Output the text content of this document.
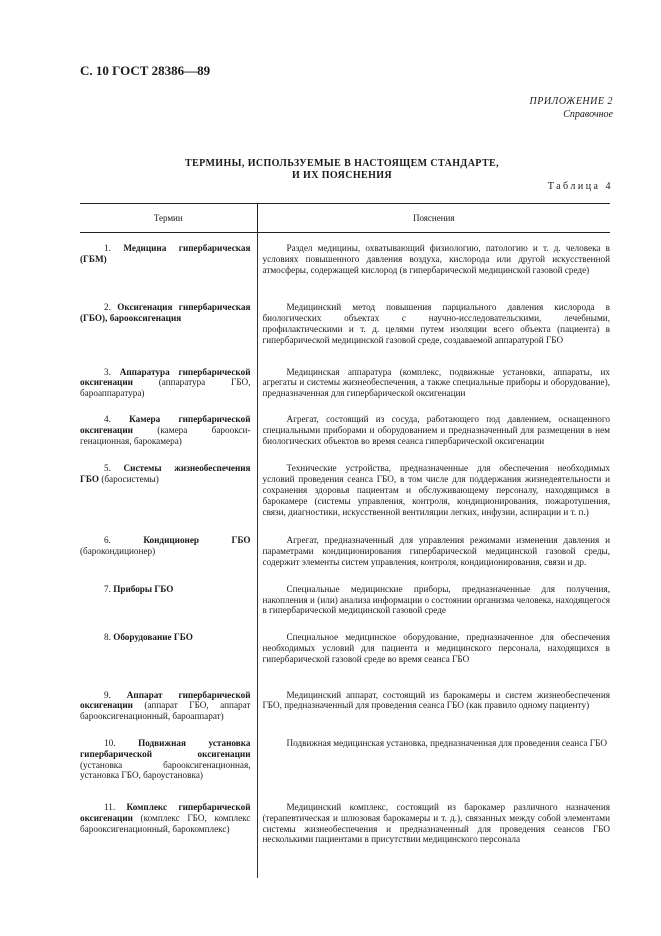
С. 10 ГОСТ 28386—89
ПРИЛОЖЕНИЕ 2
Справочное
ТЕРМИНЫ, ИСПОЛЬЗУЕМЫЕ В НАСТОЯЩЕМ СТАНДАРТЕ,
И ИХ ПОЯСНЕНИЯ
Таблица 4
Термин	Пояснения

1. Медицина гипербарическая (ГБМ)	Раздел медицины, охватывающий физиологию, патологию и т. д. человека в условиях повышенного давления воздуха, кислорода или другой искусственной атмосферы, содержащей кислород (в гипербарической медицинской газовой среде)

2. Оксигенация гипербарическая (ГБО), барооксигенация	Медицинский метод повышения парциального давления кислорода в биологических объектах с научно-исследовательскими, лечебными, профилактическими и т. д. целями путем изоляции всего объекта (пациента) в гипербарической медицинской газовой среде, создаваемой аппаратурой ГБО

3. Аппаратура гипербарической оксигенации (аппаратура ГБО, бароаппаратура)	Медицинская аппаратура (комплекс, подвижные установки, аппараты, их агрегаты и системы жизнеобеспечения, а также специальные приборы и оборудование), предназначенная для гипербарической оксигенации

4. Камера гипербарической оксигенации (камера барооксигенационная, барокамера)	Агрегат, состоящий из сосуда, работающего под давлением, оснащенного специальными приборами и оборудованием и предназначенный для размещения в нем биологических объектов во время сеанса гипербарической оксигенации

5. Системы жизнеобеспечения ГБО (баросистемы)	Технические устройства, предназначенные для обеспечения необходимых условий проведения сеанса ГБО, в том числе для поддержания жизнедеятельности и сохранения здоровья пациентам и обслуживающему персоналу, находящимся в барокамере (системы управления, контроля, кондиционирования, пожаротушения, связи, диагностики, искусственной вентиляции легких, инфузии, аспирации и т. п.)

6. Кондиционер ГБО (барокондиционер)	Агрегат, предназначенный для управления режимами изменения давления и параметрами кондиционирования гипербарической медицинской газовой среды, содержит элементы систем управления, контроля, кондиционирования, связи и др.

7. Приборы ГБО	Специальные медицинские приборы, предназначенные для получения, накопления и (или) анализа информации о состоянии организма человека, находящегося в гипербарической медицинской газовой среде

8. Оборудование ГБО	Специальное медицинское оборудование, предназначенное для обеспечения необходимых условий для пациента и медицинского персонала, находящихся в гипербарической газовой среде во время сеанса ГБО

9. Аппарат гипербарической оксигенации (аппарат ГБО, аппарат барооксигенационный, бароаппарат)	Медицинский аппарат, состоящий из барокамеры и систем жизнеобеспечения ГБО, предназначенный для проведения сеанса ГБО (как правило одному пациенту)

10. Подвижная установка гипербарической оксигенации (установка барооксигенационная, установка ГБО, бароустановка)	Подвижная медицинская установка, предназначенная для проведения сеанса ГБО

11. Комплекс гипербарической оксигенации (комплекс ГБО, комплекс барооксигенационный, барокомплекс)	Медицинский комплекс, состоящий из барокамер различного назначения (терапевтическая и шлюзовая барокамеры и т. д.), связанных между собой элементами системы жизнеобеспечения и предназначенный для проведения сеансов ГБО несколькими пациентами в присутствии медицинского персонала
